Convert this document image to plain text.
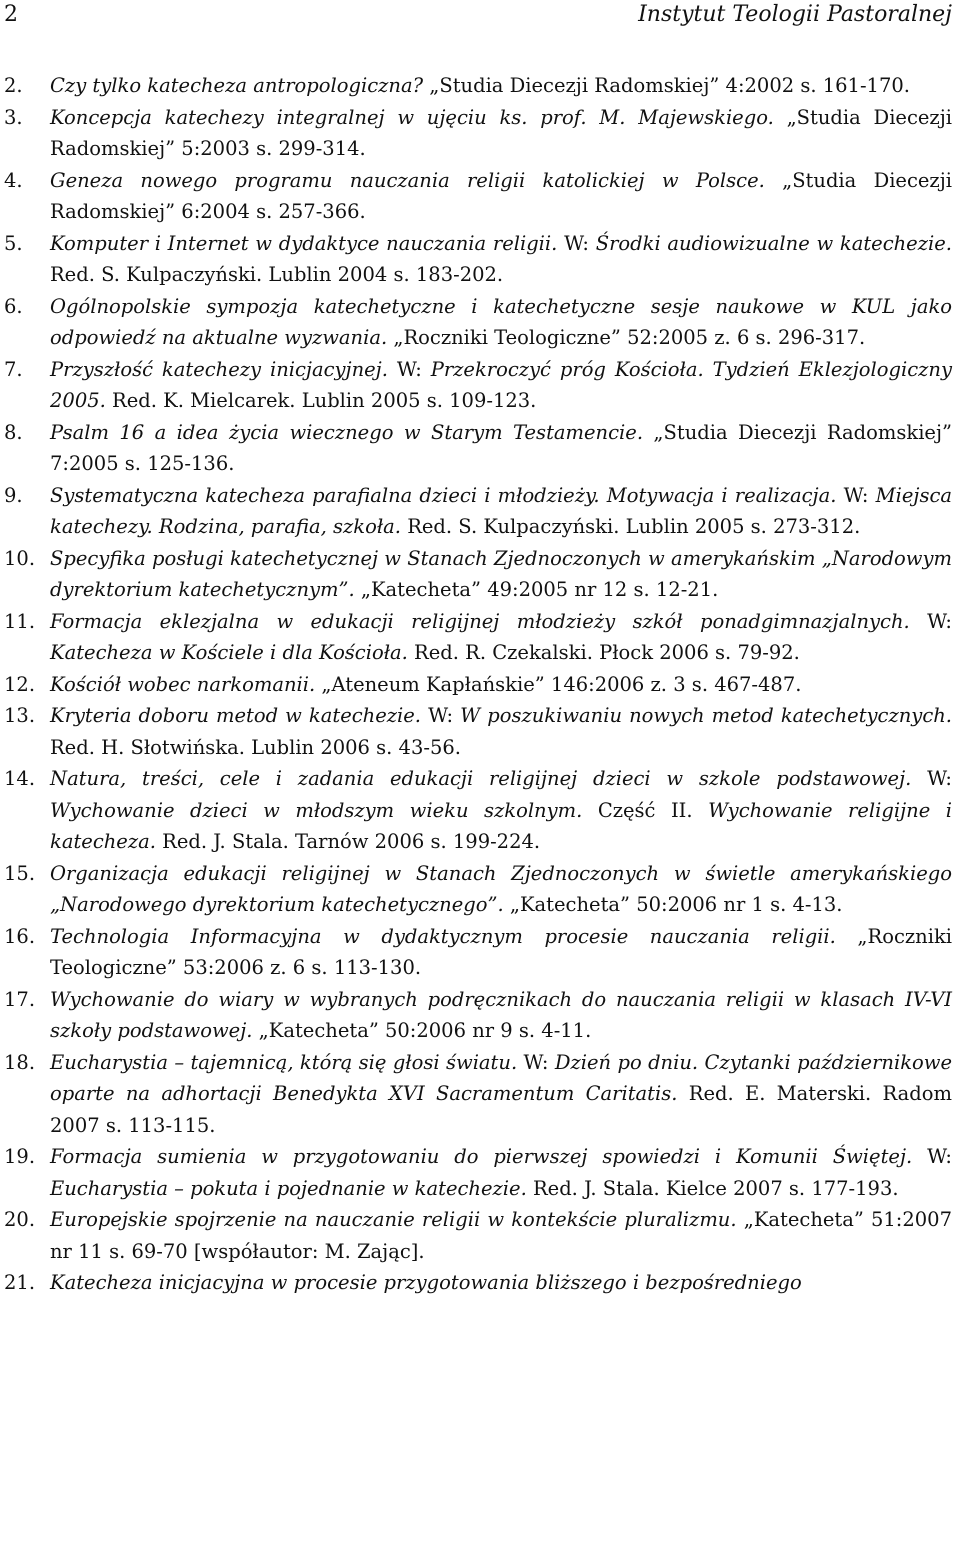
2	Instytut Teologii Pastoralnej

2. Czy tylko katecheza antropologiczna? „Studia Diecezji Radomskiej” 4:2002 s. 161-170.

3. Koncepcja katechezy integralnej w ujęciu ks. prof. M. Majewskiego. „Studia Diecezji Radomskiej” 5:2003 s. 299-314.

4. Geneza nowego programu nauczania religii katolickiej w Polsce. „Studia Diecezji Radomskiej” 6:2004 s. 257-366.

5. Komputer i Internet w dydaktyce nauczania religii. W: Środki audiowizualne w katechezie. Red. S. Kulpaczyński. Lublin 2004 s. 183-202.

6. Ogólnopolskie sympozja katechetyczne i katechetyczne sesje naukowe w KUL jako odpowiedź na aktualne wyzwania. „Roczniki Teologiczne” 52:2005 z. 6 s. 296-317.

7. Przyszłość katechezy inicjacyjnej. W: Przekroczyć próg Kościoła. Tydzień Eklezjologiczny 2005. Red. K. Mielcarek. Lublin 2005 s. 109-123.

8. Psalm 16 a idea życia wiecznego w Starym Testamencie. „Studia Diecezji Radomskiej” 7:2005 s. 125-136.

9. Systematyczna katecheza parafialna dzieci i młodzieży. Motywacja i realizacja. W: Miejsca katechezy. Rodzina, parafia, szkoła. Red. S. Kulpaczyński. Lublin 2005 s. 273-312.

10. Specyfika posługi katechetycznej w Stanach Zjednoczonych w amerykańskim „Narodowym dyrektorium katechetycznym”. „Katecheta” 49:2005 nr 12 s. 12-21.

11. Formacja eklezjalna w edukacji religijnej młodzieży szkół ponadgimnazjalnych. W: Katecheza w Kościele i dla Kościoła. Red. R. Czekalski. Płock 2006 s. 79-92.

12. Kościół wobec narkomanii. „Ateneum Kapłańskie” 146:2006 z. 3 s. 467-487.

13. Kryteria doboru metod w katechezie. W: W poszukiwaniu nowych metod katechetycznych. Red. H. Słotwińska. Lublin 2006 s. 43-56.

14. Natura, treści, cele i zadania edukacji religijnej dzieci w szkole podstawowej. W: Wychowanie dzieci w młodszym wieku szkolnym. Część II. Wychowanie religijne i katecheza. Red. J. Stala. Tarnów 2006 s. 199-224.

15. Organizacja edukacji religijnej w Stanach Zjednoczonych w świetle amerykańskiego „Narodowego dyrektorium katechetycznego”. „Katecheta” 50:2006 nr 1 s. 4-13.

16. Technologia Informacyjna w dydaktycznym procesie nauczania religii. „Roczniki Teologiczne” 53:2006 z. 6 s. 113-130.

17. Wychowanie do wiary w wybranych podręcznikach do nauczania religii w klasach IV-VI szkoły podstawowej. „Katecheta” 50:2006 nr 9 s. 4-11.

18. Eucharystia – tajemnicą, którą się głosi światu. W: Dzień po dniu. Czytanki październikowe oparte na adhortacji Benedykta XVI Sacramentum Caritatis. Red. E. Materski. Radom 2007 s. 113-115.

19. Formacja sumienia w przygotowaniu do pierwszej spowiedzi i Komunii Świętej. W: Eucharystia – pokuta i pojednanie w katechezie. Red. J. Stala. Kielce 2007 s. 177-193.

20. Europejskie spojrzenie na nauczanie religii w kontekście pluralizmu. „Katecheta” 51:2007 nr 11 s. 69-70 [współautor: M. Zając].

21. Katecheza inicjacyjna w procesie przygotowania bliższego i bezpośredniego
